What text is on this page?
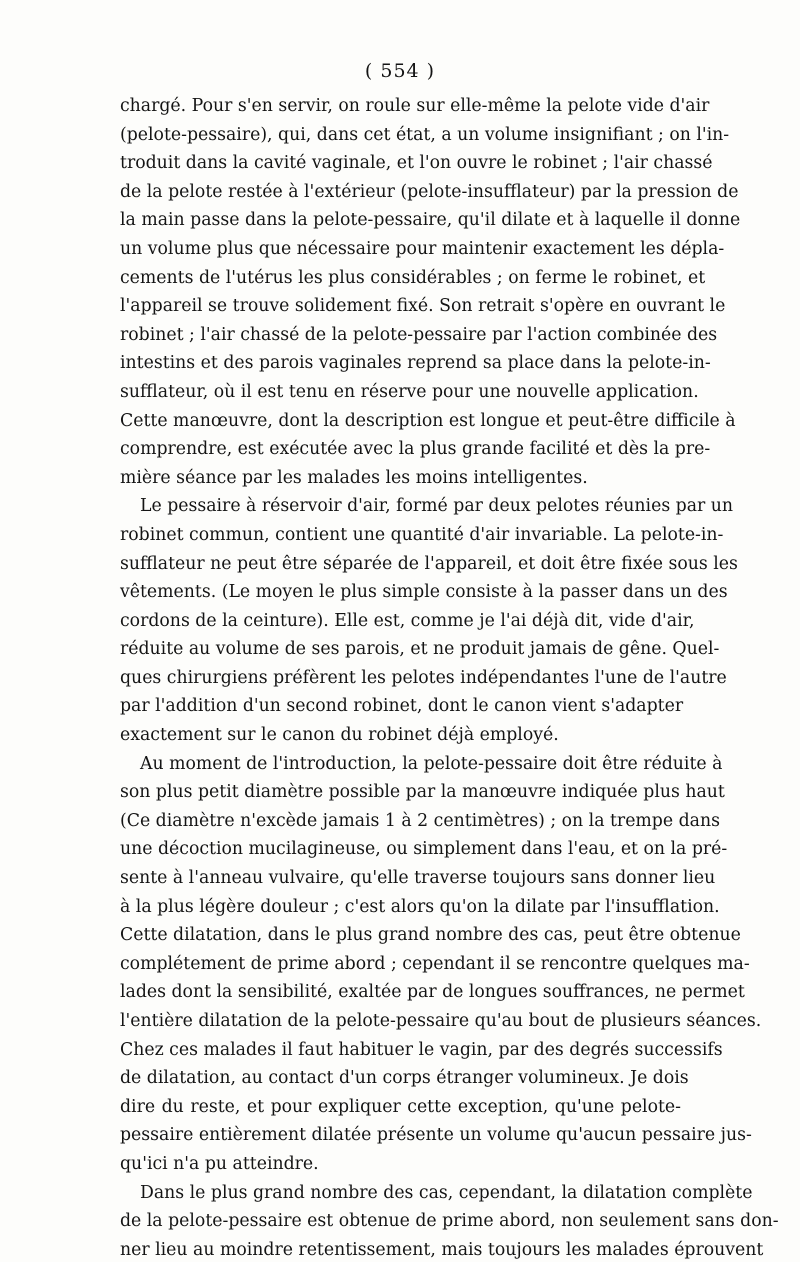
( 554 )
chargé. Pour s'en servir, on roule sur elle-même la pelote vide d'air
(pelote-pessaire), qui, dans cet état, a un volume insignifiant ; on l'in-
troduit dans la cavité vaginale, et l'on ouvre le robinet ; l'air chassé
de la pelote restée à l'extérieur (pelote-insufflateur) par la pression de
la main passe dans la pelote-pessaire, qu'il dilate et à laquelle il donne
un volume plus que nécessaire pour maintenir exactement les dépla-
cements de l'utérus les plus considérables ; on ferme le robinet, et
l'appareil se trouve solidement fixé. Son retrait s'opère en ouvrant le
robinet ; l'air chassé de la pelote-pessaire par l'action combinée des
intestins et des parois vaginales reprend sa place dans la pelote-in-
sufflateur, où il est tenu en réserve pour une nouvelle application.
Cette manœuvre, dont la description est longue et peut-être difficile à
comprendre, est exécutée avec la plus grande facilité et dès la pre-
mière séance par les malades les moins intelligentes.
Le pessaire à réservoir d'air, formé par deux pelotes réunies par un
robinet commun, contient une quantité d'air invariable. La pelote-in-
sufflateur ne peut être séparée de l'appareil, et doit être fixée sous les
vêtements. (Le moyen le plus simple consiste à la passer dans un des
cordons de la ceinture). Elle est, comme je l'ai déjà dit, vide d'air,
réduite au volume de ses parois, et ne produit jamais de gêne. Quel-
ques chirurgiens préfèrent les pelotes indépendantes l'une de l'autre
par l'addition d'un second robinet, dont le canon vient s'adapter
exactement sur le canon du robinet déjà employé.
Au moment de l'introduction, la pelote-pessaire doit être réduite à
son plus petit diamètre possible par la manœuvre indiquée plus haut
(Ce diamètre n'excède jamais 1 à 2 centimètres) ; on la trempe dans
une décoction mucilagineuse, ou simplement dans l'eau, et on la pré-
sente à l'anneau vulvaire, qu'elle traverse toujours sans donner lieu
à la plus légère douleur ; c'est alors qu'on la dilate par l'insufflation.
Cette dilatation, dans le plus grand nombre des cas, peut être obtenue
complétement de prime abord ; cependant il se rencontre quelques ma-
lades dont la sensibilité, exaltée par de longues souffrances, ne permet
l'entière dilatation de la pelote-pessaire qu'au bout de plusieurs séances.
Chez ces malades il faut habituer le vagin, par des degrés successifs
de dilatation, au contact d'un corps étranger volumineux. Je dois
dire du reste, et pour expliquer cette exception, qu'une pelote-
pessaire entièrement dilatée présente un volume qu'aucun pessaire jus-
qu'ici n'a pu atteindre.
Dans le plus grand nombre des cas, cependant, la dilatation complète
de la pelote-pessaire est obtenue de prime abord, non seulement sans don-
ner lieu au moindre retentissement, mais toujours les malades éprouvent
